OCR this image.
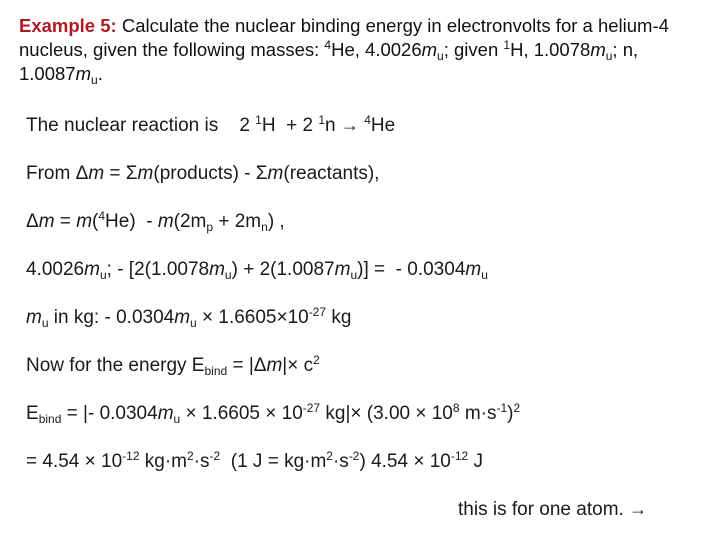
Example 5: Calculate the nuclear binding energy in electronvolts for a helium-4 nucleus, given the following masses: $^4$He, $4.0026m_u$; given $^1$H, $1.0078m_u$; n, $1.0087m_u$.
The nuclear reaction is    2 $^1$H  + 2 $^1$n → $^4$He
From Δm = Σm(products) - Σm(reactants),
$\Delta m = m(^4He) - m(2m_p + 2m_n)$ ,
$4.0026m_u$; - $[2(1.0078m_u) + 2(1.0087m_u)]$ =  - $0.0304m_u$
$m_u$ in kg: - $0.0304m_u \times 1.6605\times 10^{-27}$ kg
Now for the energy $E_{bind} = |\Delta m|\times c^2$
$E_{bind}$ = |- $0.0304m_u \times 1.6605 \times 10^{-27}$ $kg|\times (3.00 \times 10^8$ $m\cdot s^{-1})^2$
= $4.54 \times 10^{-12}$ $kg\cdot m^2\cdot s^{-2}$  (1 $J = kg\cdot m^2\cdot s^{-2}$) $4.54 \times 10^{-12}$ J
this is for one atom. →
